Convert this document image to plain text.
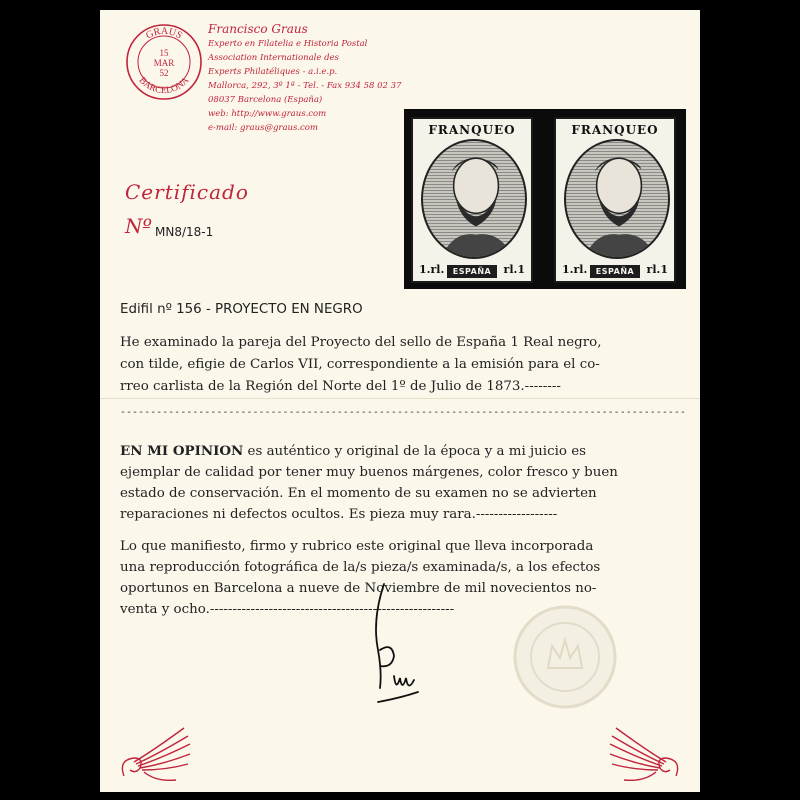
GRAUS
BARCELONA
15
MAR
52
Francisco Graus
Experto en Filatelia e Historia Postal
Association Internationale des
Experts Philatéliques - a.i.e.p.
Mallorca, 292, 3º 1ª - Tel. - Fax 934 58 02 37
08037 Barcelona (España)
web: http://www.graus.com
e-mail: graus@graus.com
Certificado
Nº MN8/18-1
FRANQUEO
1.rl.	ESPAÑA	rl.1
FRANQUEO
1.rl.	ESPAÑA	rl.1
Edifil nº 156 - PROYECTO EN NEGRO
He examinado la pareja del Proyecto del sello de España 1 Real negro,
con tilde, efigie de Carlos VII, correspondiente a la emisión para el co-
rreo carlista de la Región del Norte del 1º de Julio de 1873.--------
----------------------------------------------------------------------------------------------
EN MI OPINION es auténtico y original de la época y a mi juicio es
ejemplar de calidad por tener muy buenos márgenes, color fresco y buen
estado de conservación. En el momento de su examen no se advierten
reparaciones ni defectos ocultos. Es pieza muy rara.------------------
Lo que manifiesto, firmo y rubrico este original que lleva incorporada
una reproducción fotográfica de la/s pieza/s examinada/s, a los efectos
oportunos en Barcelona a nueve de Noviembre de mil novecientos no-
venta y ocho.------------------------------------------------------
